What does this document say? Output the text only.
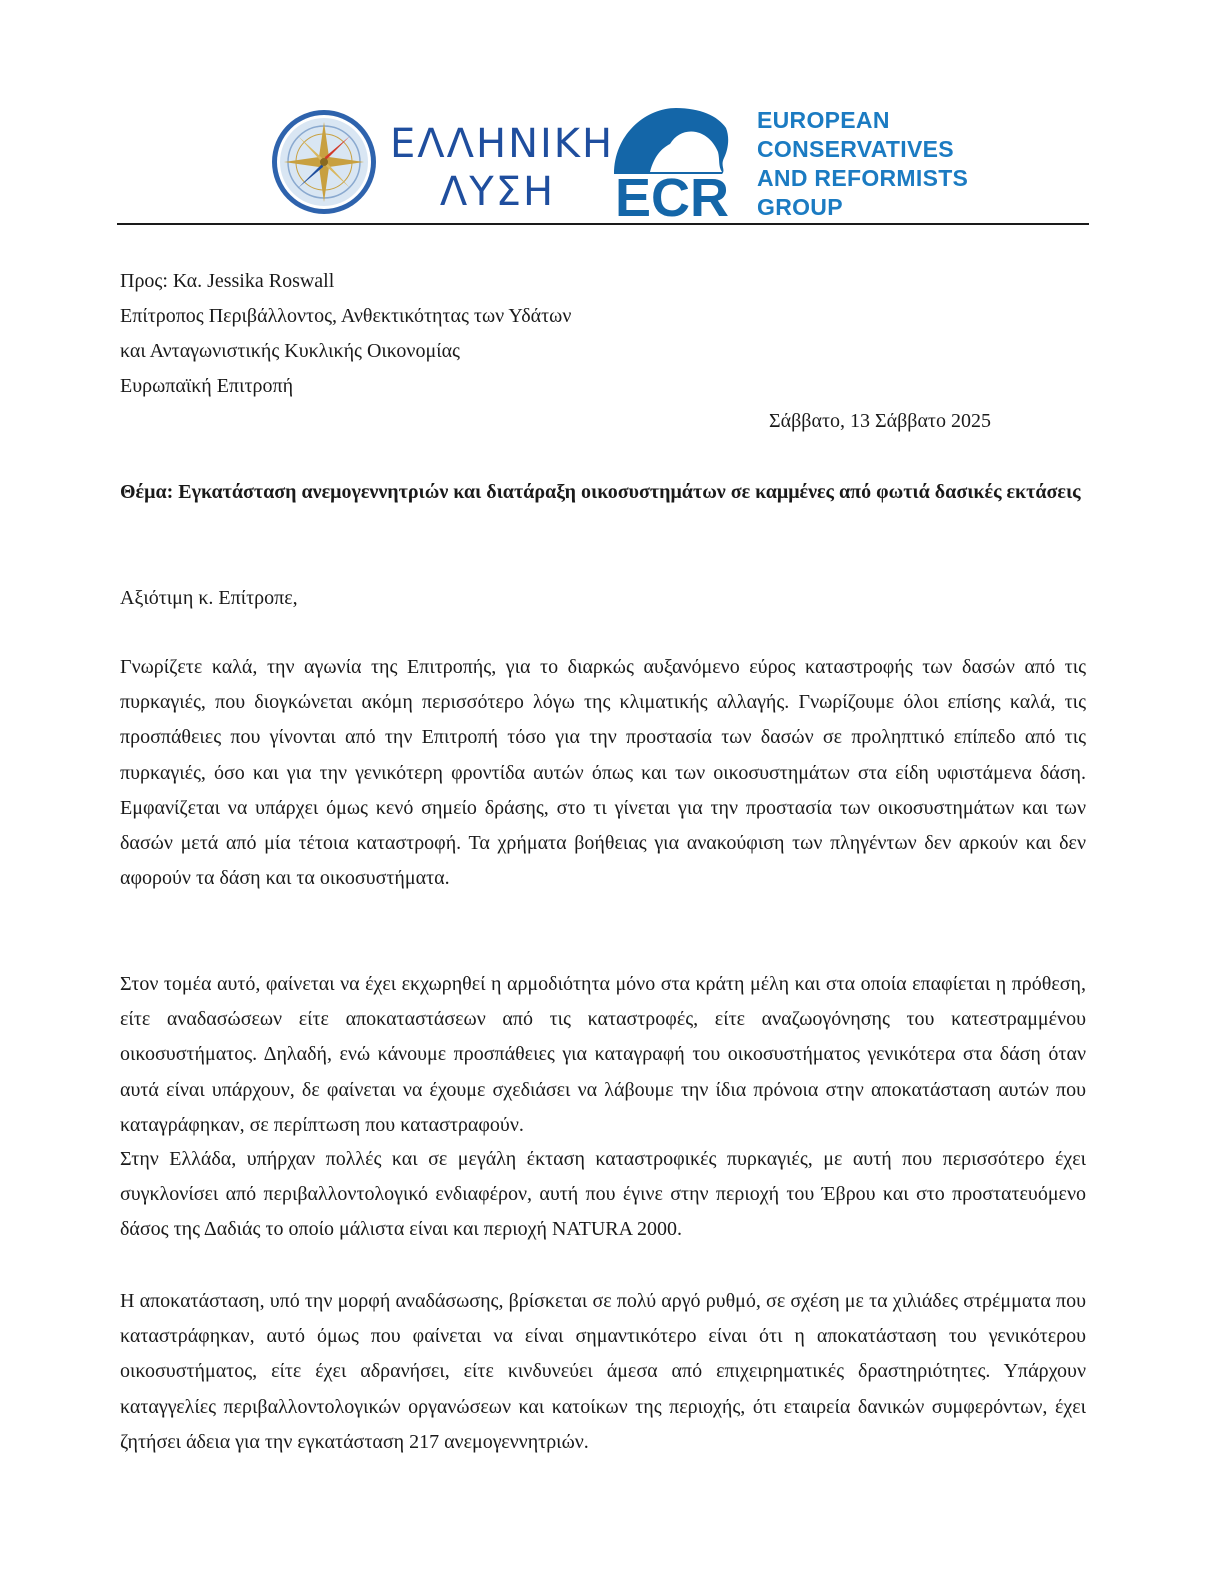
ΕΛΛΗΝΙΚΗ
ΛΥΣΗ	ECR
EUROPEAN
CONSERVATIVES
AND REFORMISTS
GROUP
Προς: Κα. Jessika Roswall
Επίτροπος Περιβάλλοντος, Ανθεκτικότητας των Υδάτων
και Ανταγωνιστικής Κυκλικής Οικονομίας
Ευρωπαϊκή Επιτροπή
Σάββατο, 13 Σάββατο 2025
Θέμα: Εγκατάσταση ανεμογεννητριών και διατάραξη οικοσυστημάτων σε καμμένες από φωτιά δασικές εκτάσεις
Αξιότιμη κ. Επίτροπε,
Γνωρίζετε καλά, την αγωνία της Επιτροπής, για το διαρκώς αυξανόμενο εύρος καταστροφής των δασών από τις πυρκαγιές, που διογκώνεται ακόμη περισσότερο λόγω της κλιματικής αλλαγής. Γνωρίζουμε όλοι επίσης καλά, τις προσπάθειες που γίνονται από την Επιτροπή τόσο για την προστασία των δασών σε προληπτικό επίπεδο από τις πυρκαγιές, όσο και για την γενικότερη φροντίδα αυτών όπως και των οικοσυστημάτων στα είδη υφιστάμενα δάση. Εμφανίζεται να υπάρχει όμως κενό σημείο δράσης, στο τι γίνεται για την προστασία των οικοσυστημάτων και των δασών μετά από μία τέτοια καταστροφή. Τα χρήματα βοήθειας για ανακούφιση των πληγέντων δεν αρκούν και δεν αφορούν τα δάση και τα οικοσυστήματα.
Στον τομέα αυτό, φαίνεται να έχει εκχωρηθεί η αρμοδιότητα μόνο στα κράτη μέλη και στα οποία επαφίεται η πρόθεση, είτε αναδασώσεων είτε αποκαταστάσεων από τις καταστροφές, είτε αναζωογόνησης του κατεστραμμένου οικοσυστήματος. Δηλαδή, ενώ κάνουμε προσπάθειες για καταγραφή του οικοσυστήματος γενικότερα στα δάση όταν αυτά είναι υπάρχουν, δε φαίνεται να έχουμε σχεδιάσει να λάβουμε την ίδια πρόνοια στην αποκατάσταση αυτών που καταγράφηκαν, σε περίπτωση που καταστραφούν.
Στην Ελλάδα, υπήρχαν πολλές και σε μεγάλη έκταση καταστροφικές πυρκαγιές, με αυτή που περισσότερο έχει συγκλονίσει από περιβαλλοντολογικό ενδιαφέρον, αυτή που έγινε στην περιοχή του Έβρου και στο προστατευόμενο δάσος της Δαδιάς το οποίο μάλιστα είναι και περιοχή NATURA 2000.
Η αποκατάσταση, υπό την μορφή αναδάσωσης, βρίσκεται σε πολύ αργό ρυθμό, σε σχέση με τα χιλιάδες στρέμματα που καταστράφηκαν, αυτό όμως που φαίνεται να είναι σημαντικότερο είναι ότι η αποκατάσταση του γενικότερου οικοσυστήματος, είτε έχει αδρανήσει, είτε κινδυνεύει άμεσα από επιχειρηματικές δραστηριότητες. Υπάρχουν καταγγελίες περιβαλλοντολογικών οργανώσεων και κατοίκων της περιοχής, ότι εταιρεία δανικών συμφερόντων, έχει ζητήσει άδεια για την εγκατάσταση 217 ανεμογεννητριών.
